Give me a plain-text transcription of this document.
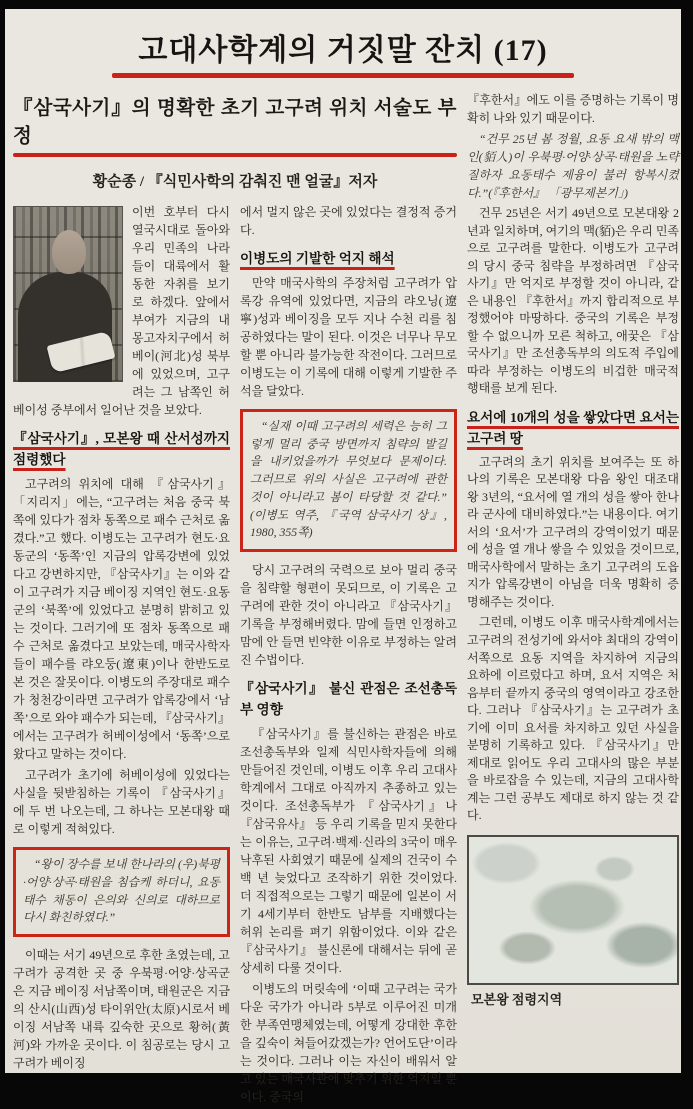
고대사학계의 거짓말 잔치 (17)
『삼국사기』의 명확한 초기 고구려 위치 서술도 부정
황순종 / 『식민사학의 감춰진 맨 얼굴』저자

이번 호부터 다시 열국시대로 돌아와 우리 민족의 나라들이 대륙에서 활동한 자취를 보기로 하겠다. 앞에서 부여가 지금의 내몽고자치구에서 허베이(河北)성 북부에 있었으며, 고구려는 그 남쪽인 허베이성 중부에서 일어난 것을 보았다.

『삼국사기』, 모본왕 때 산서성까지 점령했다

고구려의 위치에 대해 『삼국사기』 「지리지」에는, “고구려는 처음 중국 북쪽에 있다가 점차 동쪽으로 패수 근처로 옮겼다.”고 했다. 이병도는 고구려가 현도·요동군의 ‘동쪽’인 지금의 압록강변에 있었다고 강변하지만, 『삼국사기』는 이와 같이 고구려가 지금 베이징 지역인 현도·요동군의 ‘북쪽’에 있었다고 분명히 밝히고 있는 것이다. 그러기에 또 점차 동쪽으로 패수 근처로 옮겼다고 보았는데, 매국사학자들이 패수를 랴오둥(遼東)이나 한반도로 본 것은 잘못이다. 이병도의 주장대로 패수가 청천강이라면 고구려가 압록강에서 ‘남쪽’으로 와야 패수가 되는데, 『삼국사기』에서는 고구려가 허베이성에서 ‘동쪽’으로 왔다고 말하는 것이다.

고구려가 초기에 허베이성에 있었다는 사실을 뒷받침하는 기록이 『삼국사기』에 두 번 나오는데, 그 하나는 모본대왕 때로 이렇게 적혀있다.

“왕이 장수를 보내 한나라의 (우)북평·어양·상곡·태원을 침습케 하더니, 요동태수 채동이 은의와 신의로 대하므로 다시 화친하였다.”

이때는 서기 49년으로 후한 초였는데, 고구려가 공격한 곳 중 우북평·어양·상곡군은 지금 베이징 서남쪽이며, 태원군은 지금의 산시(山西)성 타이위안(太原)시로서 베이징 서남쪽 내륙 깊숙한 곳으로 황허(黃河)와 가까운 곳이다. 이 침공로는 당시 고구려가 베이징

에서 멀지 않은 곳에 있었다는 결정적 증거다.

이병도의 기발한 억지 해석

만약 매국사학의 주장처럼 고구려가 압록강 유역에 있었다면, 지금의 랴오닝(遼寧)성과 베이징을 모두 지나 수천 리를 침공하였다는 말이 된다. 이것은 너무나 무모할 뿐 아니라 불가능한 작전이다. 그러므로 이병도는 이 기록에 대해 이렇게 기발한 주석을 달았다.

“실재 이때 고구려의 세력은 능히 그렇게 멀리 중국 방면까지 침략의 발길을 내키었을까가 무엇보다 문제이다. 그러므로 위의 사실은 고구려에 관한 것이 아니라고 봄이 타당할 것 같다.” (이병도 역주, 『국역 삼국사기 상』, 1980, 355쪽)

당시 고구려의 국력으로 보아 멀리 중국을 침략할 형편이 못되므로, 이 기록은 고구려에 관한 것이 아니라고 『삼국사기』 기록을 부정해버렸다. 맘에 들면 인정하고 맘에 안 들면 빈약한 이유로 부정하는 알려진 수법이다.

『삼국사기』 불신 관점은 조선총독부 영향

『삼국사기』를 불신하는 관점은 바로 조선총독부와 일제 식민사학자들에 의해 만들어진 것인데, 이병도 이후 우리 고대사학계에서 그대로 아직까지 추종하고 있는 것이다. 조선총독부가 『삼국사기』나 『삼국유사』 등 우리 기록을 믿지 못한다는 이유는, 고구려·백제·신라의 3국이 매우 낙후된 사회였기 때문에 실제의 건국이 수백 년 늦었다고 조작하기 위한 것이었다. 더 직접적으로는 그렇기 때문에 일본이 서기 4세기부터 한반도 남부를 지배했다는 허위 논리를 펴기 위함이었다. 이와 같은 『삼국사기』 불신론에 대해서는 뒤에 곧 상세히 다룰 것이다.

이병도의 머릿속에 ‘이때 고구려는 국가다운 국가가 아니라 5부로 이루어진 미개한 부족연맹체였는데, 어떻게 강대한 후한을 깊숙이 쳐들어갔겠는가? 언어도단’이라는 것이다. 그러나 이는 자신이 배워서 알고 있는 매국사관에 맞추기 위한 억지일 뿐이다. 중국의

『후한서』에도 이를 증명하는 기록이 명확히 나와 있기 때문이다.

“건무 25년 봄 정월, 요동 요새 밖의 맥인(貊人)이 우북평·어양·상곡·태원을 노략질하자 요동태수 제융이 불러 항복시켰다.”(『후한서』 「광무제본기」)

건무 25년은 서기 49년으로 모본대왕 2년과 일치하며, 여기의 맥(貊)은 우리 민족으로 고구려를 말한다. 이병도가 고구려의 당시 중국 침략을 부정하려면 『삼국사기』만 억지로 부정할 것이 아니라, 같은 내용인 『후한서』까지 합리적으로 부정했어야 마땅하다. 중국의 기록은 부정할 수 없으니까 모른 척하고, 애꿎은 『삼국사기』만 조선총독부의 의도적 주입에 따라 부정하는 이병도의 비겁한 매국적 행태를 보게 된다.

요서에 10개의 성을 쌓았다면 요서는 고구려 땅

고구려의 초기 위치를 보여주는 또 하나의 기록은 모본대왕 다음 왕인 대조대왕 3년의, “요서에 열 개의 성을 쌓아 한나라 군사에 대비하였다.”는 내용이다. 여기서의 ‘요서’가 고구려의 강역이었기 때문에 성을 열 개나 쌓을 수 있었을 것이므로, 매국사학에서 말하는 초기 고구려의 도읍지가 압록강변이 아님을 더욱 명확히 증명해주는 것이다.

그런데, 이병도 이후 매국사학계에서는 고구려의 전성기에 와서야 최대의 강역이 서쪽으로 요동 지역을 차지하여 지금의 요하에 이르렀다고 하며, 요서 지역은 처음부터 끝까지 중국의 영역이라고 강조한다. 그러나 『삼국사기』는 고구려가 초기에 이미 요서를 차지하고 있던 사실을 분명히 기록하고 있다. 『삼국사기』만 제대로 읽어도 우리 고대사의 많은 부분을 바로잡을 수 있는데, 지금의 고대사학계는 그런 공부도 제대로 하지 않는 것 같다.

모본왕 점령지역
